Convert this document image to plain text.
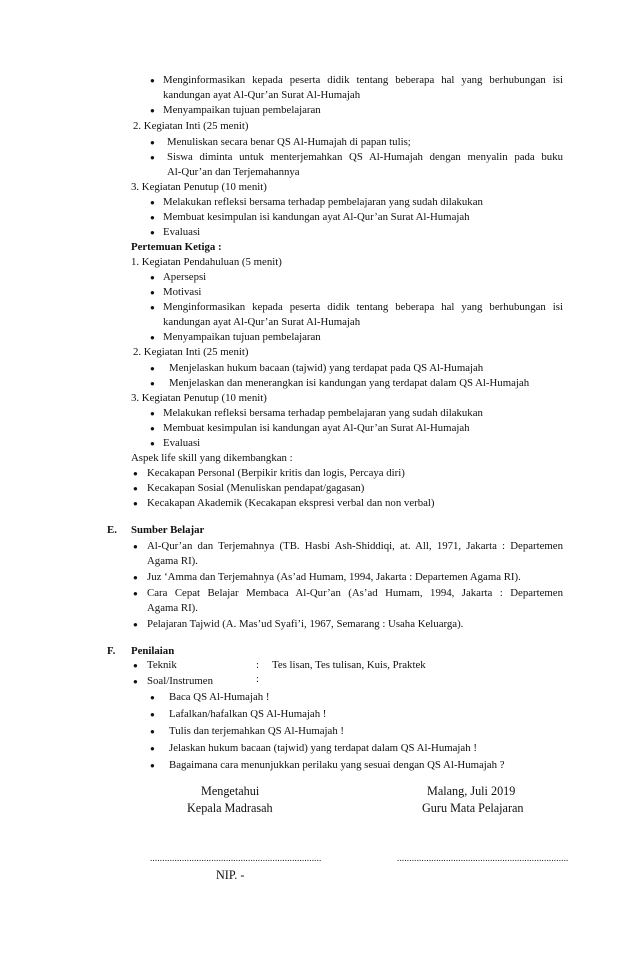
● Menginformasikan kepada peserta didik tentang beberapa hal yang berhubungan isi
kandungan ayat Al-Qur’an Surat Al-Humajah
● Menyampaikan tujuan pembelajaran
2. Kegiatan Inti (25 menit)
● Menuliskan secara benar QS Al-Humajah di papan tulis;
● Siswa diminta untuk menterjemahkan QS Al-Humajah dengan menyalin pada buku
Al-Qur’an dan Terjemahannya
3. Kegiatan Penutup (10 menit)
● Melakukan refleksi bersama terhadap pembelajaran yang sudah dilakukan
● Membuat kesimpulan isi kandungan ayat Al-Qur’an Surat Al-Humajah
● Evaluasi
Pertemuan Ketiga :
1. Kegiatan Pendahuluan (5 menit)
● Apersepsi
● Motivasi
● Menginformasikan kepada peserta didik tentang beberapa hal yang berhubungan isi
kandungan ayat Al-Qur’an Surat Al-Humajah
● Menyampaikan tujuan pembelajaran
2. Kegiatan Inti (25 menit)
● Menjelaskan hukum bacaan (tajwid) yang terdapat pada QS Al-Humajah
● Menjelaskan dan menerangkan isi kandungan yang terdapat dalam QS Al-Humajah
3. Kegiatan Penutup (10 menit)
● Melakukan refleksi bersama terhadap pembelajaran yang sudah dilakukan
● Membuat kesimpulan isi kandungan ayat Al-Qur’an Surat Al-Humajah
● Evaluasi
Aspek life skill yang dikembangkan :
● Kecakapan Personal (Berpikir kritis dan logis, Percaya diri)
● Kecakapan Sosial (Menuliskan pendapat/gagasan)
● Kecakapan Akademik (Kecakapan ekspresi verbal dan non verbal)
E. Sumber Belajar
● Al-Qur’an dan Terjemahnya (TB. Hasbi Ash-Shiddiqi, at. All, 1971, Jakarta : Departemen
Agama RI).
● Juz ‘Amma dan Terjemahnya (As’ad Humam, 1994, Jakarta : Departemen Agama RI).
● Cara Cepat Belajar Membaca Al-Qur’an (As’ad Humam, 1994, Jakarta : Departemen
Agama RI).
● Pelajaran Tajwid (A. Mas’ud Syafi’i, 1967, Semarang : Usaha Keluarga).
F. Penilaian
● Teknik	: Tes lisan, Tes tulisan, Kuis, Praktek
● Soal/Instrumen	:
● Baca QS Al-Humajah !
● Lafalkan/hafalkan QS Al-Humajah !
● Tulis dan terjemahkan QS Al-Humajah !
● Jelaskan hukum bacaan (tajwid) yang terdapat dalam QS Al-Humajah !
● Bagaimana cara menunjukkan perilaku yang sesuai dengan QS Al-Humajah ?
Mengetahui	Malang, Juli 2019
Kepala Madrasah	Guru Mata Pelajaran
......................................................................	......................................................................
NIP. -
